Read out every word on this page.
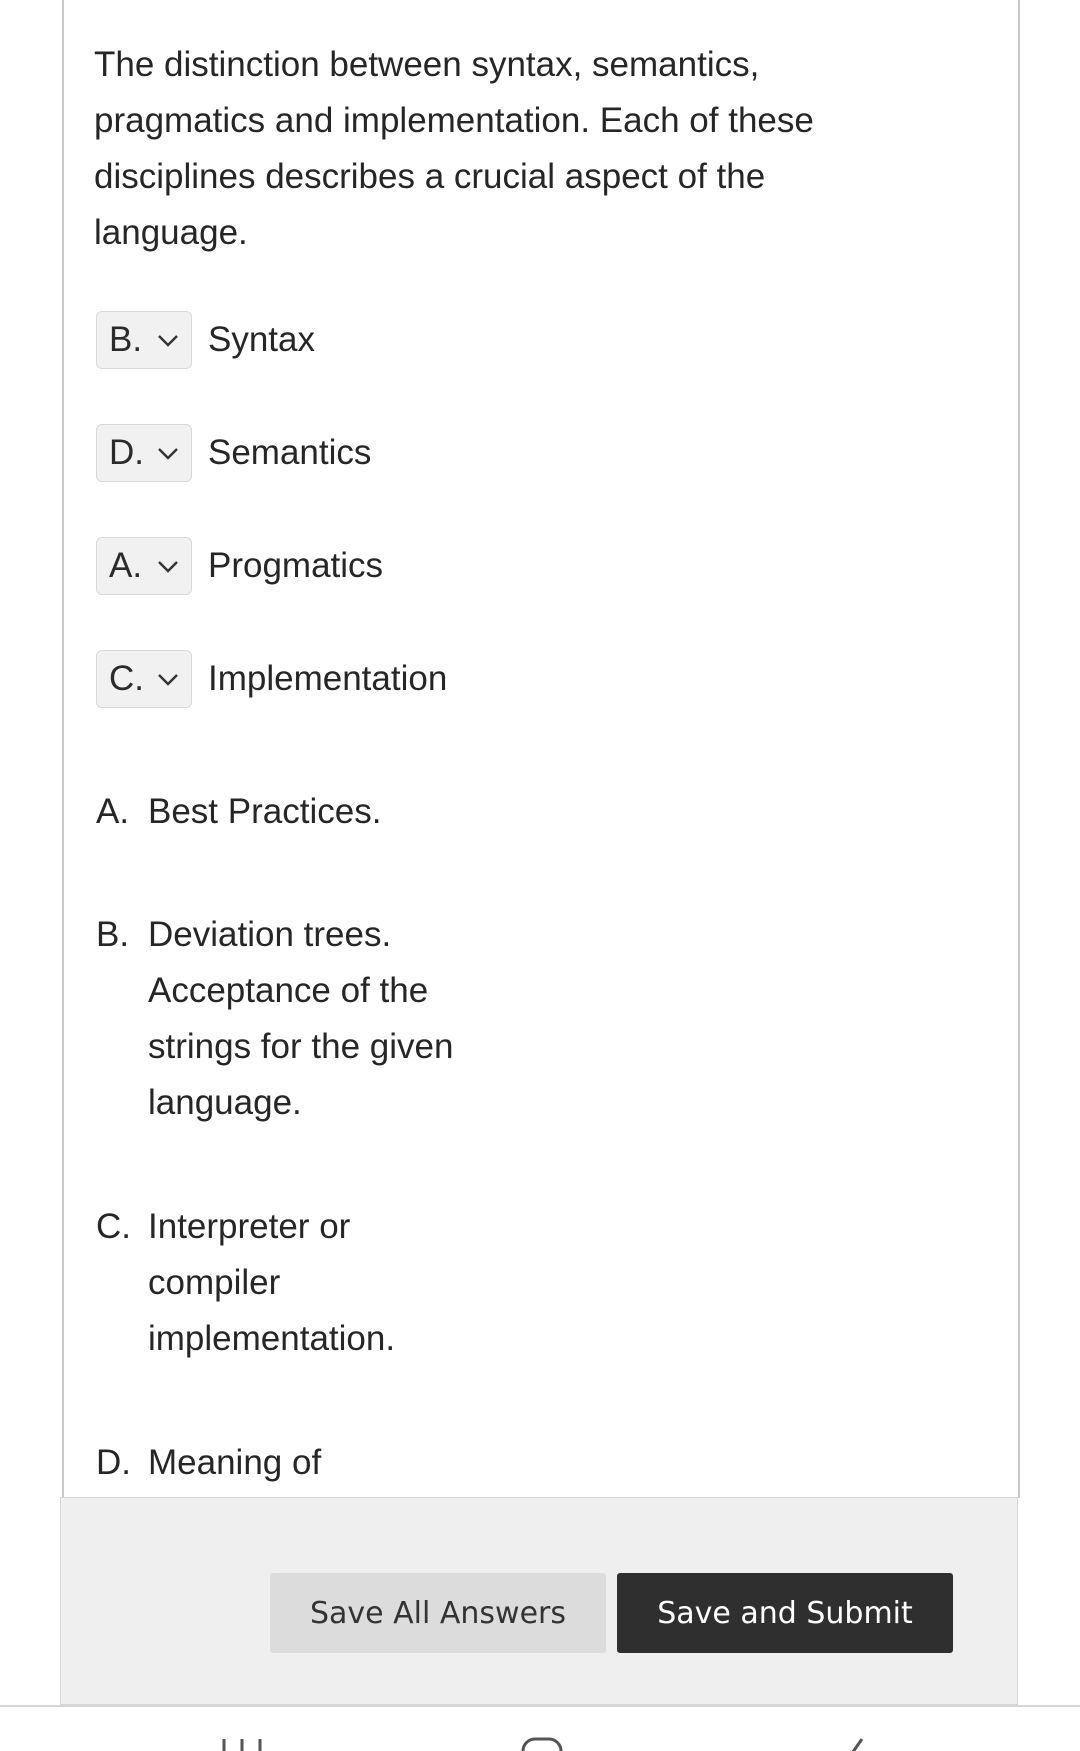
The distinction between syntax, semantics, pragmatics and implementation. Each of these disciplines describes a crucial aspect of the language.

B. Syntax
D. Semantics
A. Progmatics
C. Implementation
A. Best Practices.
B. Deviation trees. Acceptance of the strings for the given language.
C. Interpreter or compiler implementation.
D. Meaning of
Save All Answers	Save and Submit
